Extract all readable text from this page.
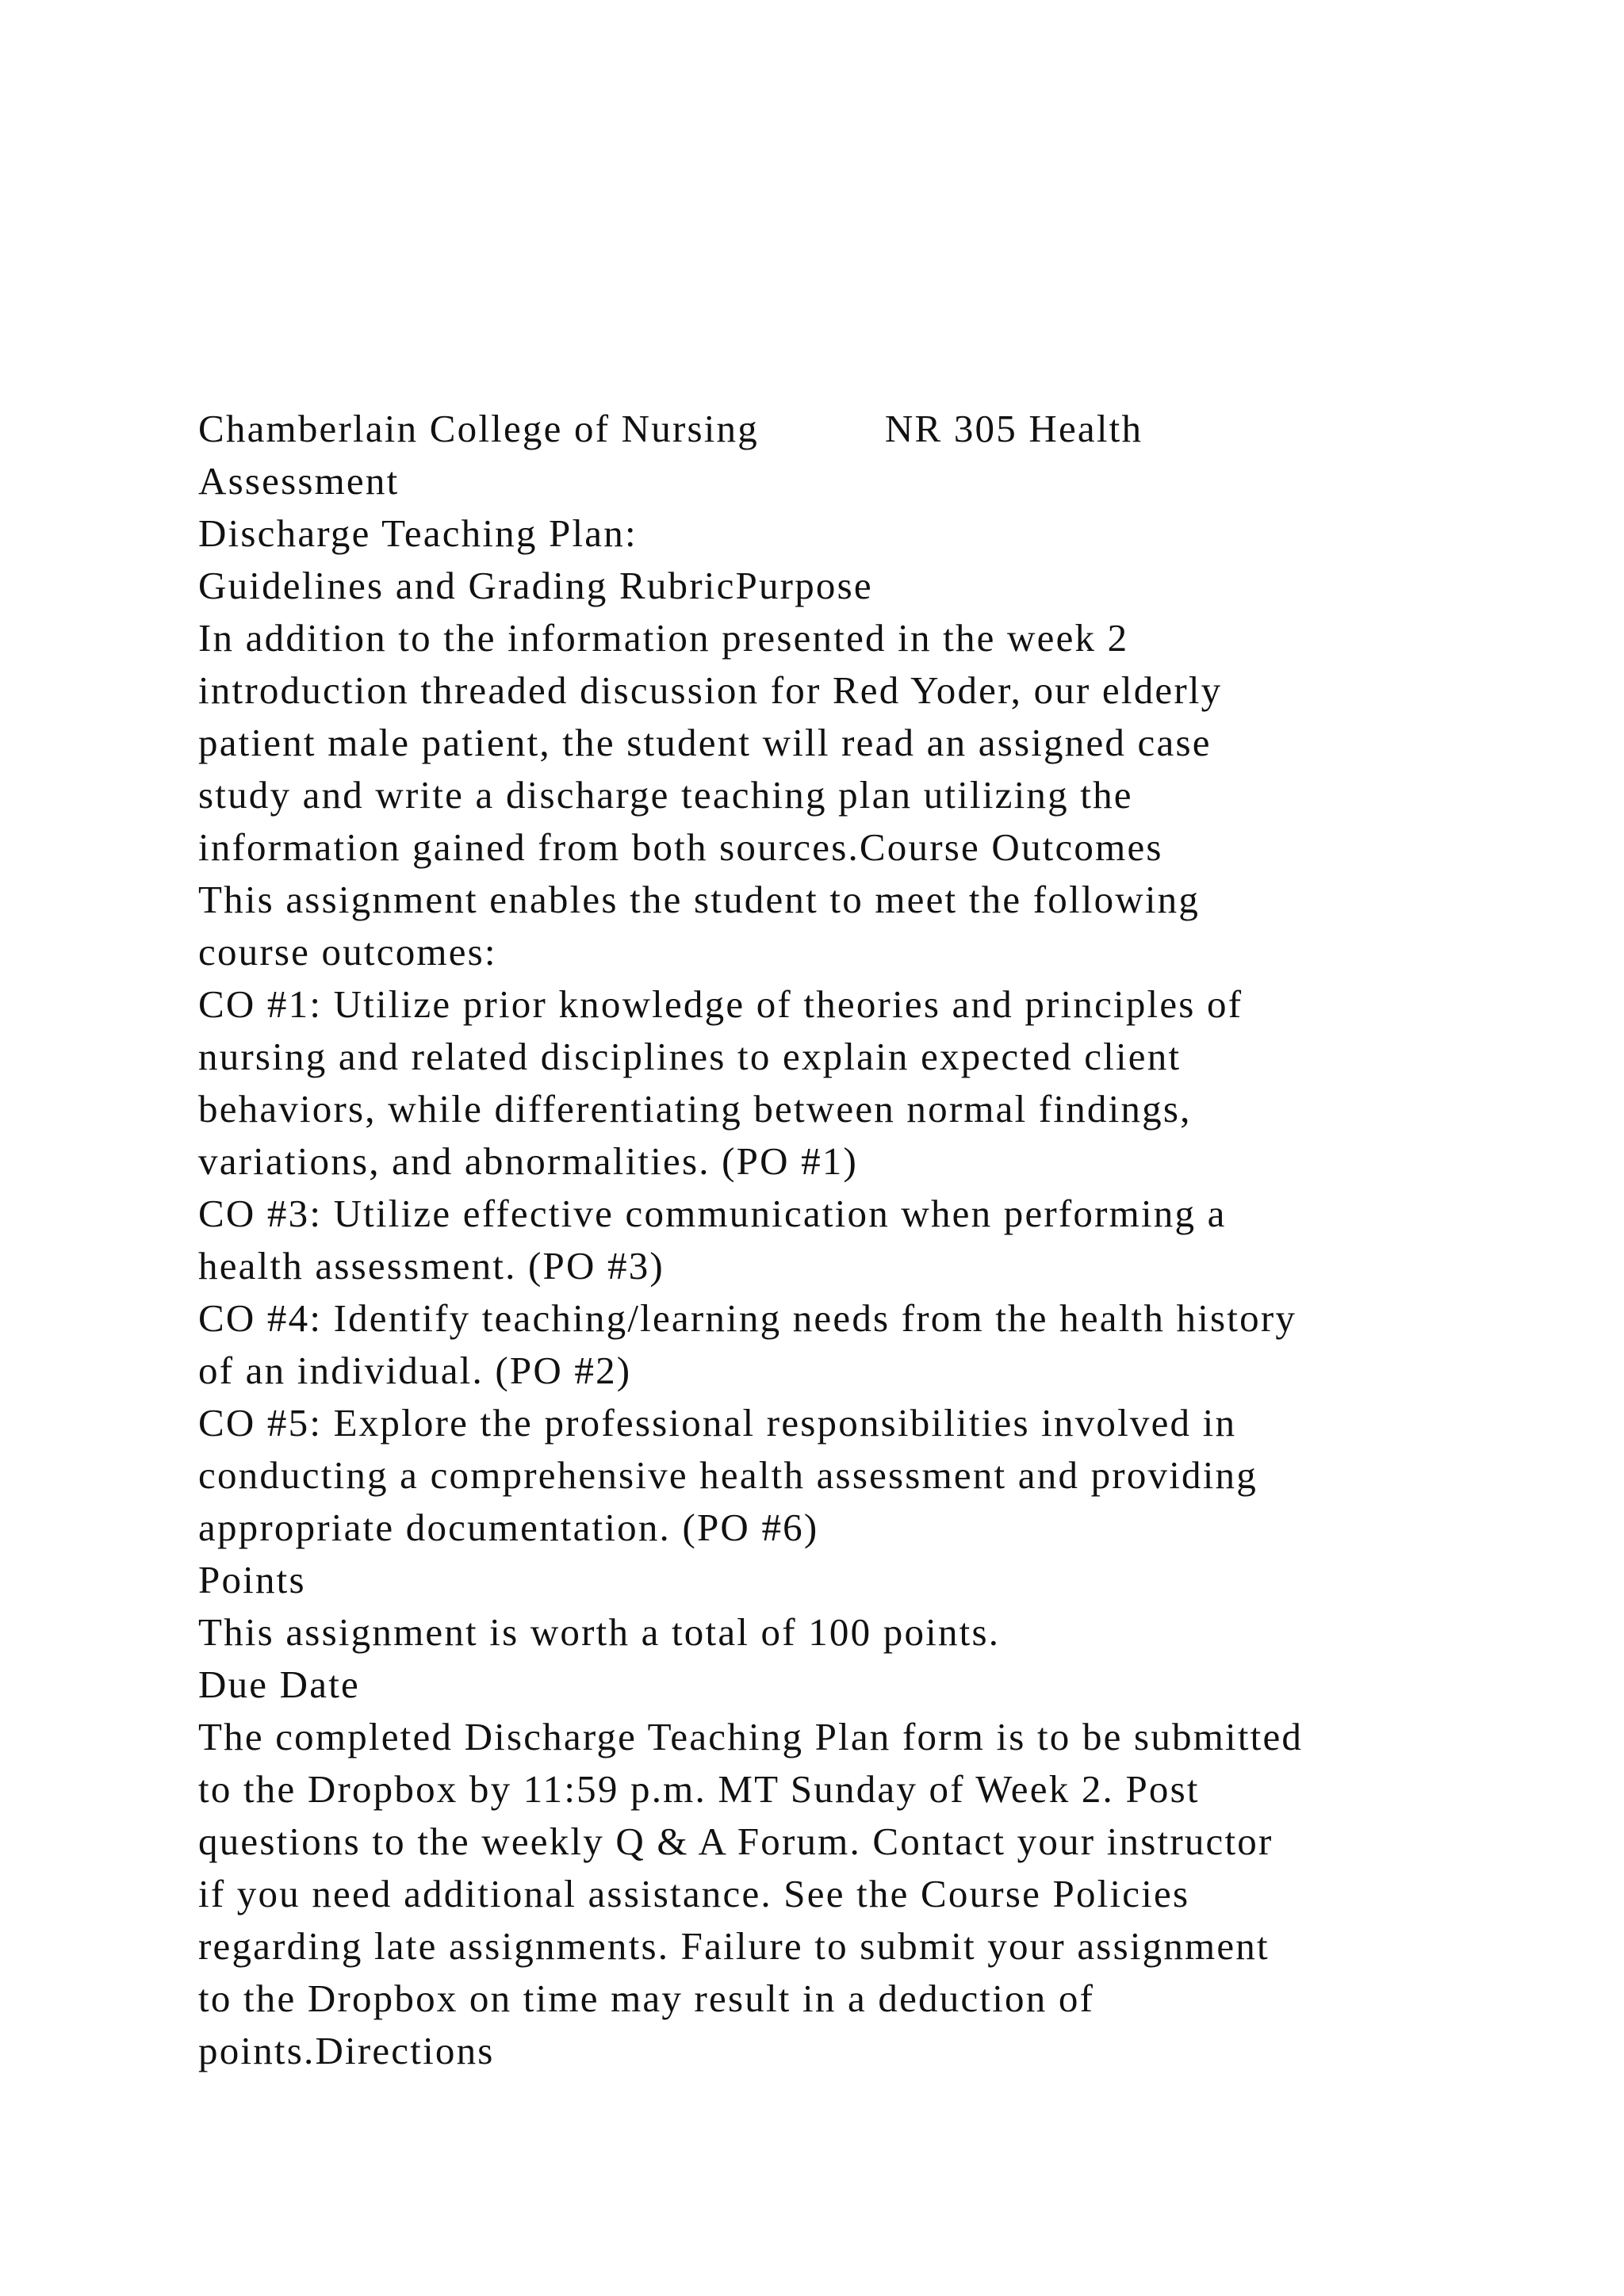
Chamberlain College of Nursing           NR 305 Health
Assessment
Discharge Teaching Plan:
Guidelines and Grading RubricPurpose
In addition to the information presented in the week 2
introduction threaded discussion for Red Yoder, our elderly
patient male patient, the student will read an assigned case
study and write a discharge teaching plan utilizing the
information gained from both sources.Course Outcomes
This assignment enables the student to meet the following
course outcomes:
CO #1: Utilize prior knowledge of theories and principles of
nursing and related disciplines to explain expected client
behaviors, while differentiating between normal findings,
variations, and abnormalities. (PO #1)
CO #3: Utilize effective communication when performing a
health assessment. (PO #3)
CO #4: Identify teaching/learning needs from the health history
of an individual. (PO #2)
CO #5: Explore the professional responsibilities involved in
conducting a comprehensive health assessment and providing
appropriate documentation. (PO #6)
Points
This assignment is worth a total of 100 points.
Due Date
The completed Discharge Teaching Plan form is to be submitted
to the Dropbox by 11:59 p.m. MT Sunday of Week 2. Post
questions to the weekly Q & A Forum. Contact your instructor
if you need additional assistance. See the Course Policies
regarding late assignments. Failure to submit your assignment
to the Dropbox on time may result in a deduction of
points.Directions
